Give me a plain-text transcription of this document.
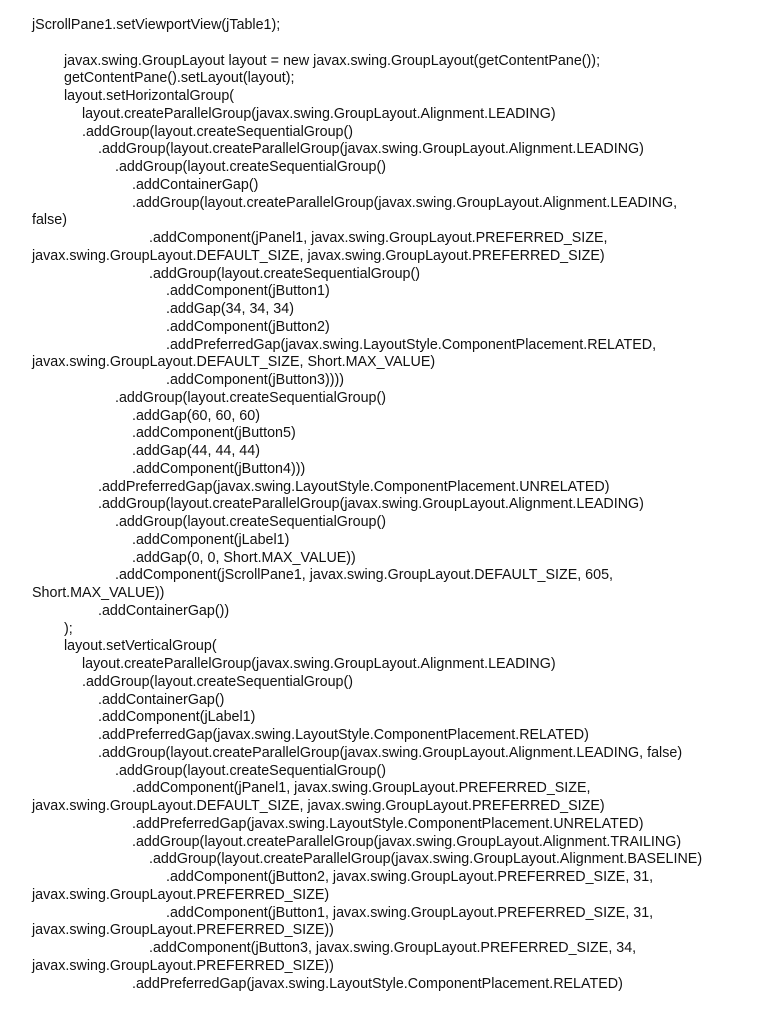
jScrollPane1.setViewportView(jTable1);
javax.swing.GroupLayout layout = new javax.swing.GroupLayout(getContentPane());
getContentPane().setLayout(layout);
layout.setHorizontalGroup(
layout.createParallelGroup(javax.swing.GroupLayout.Alignment.LEADING)
.addGroup(layout.createSequentialGroup()
.addGroup(layout.createParallelGroup(javax.swing.GroupLayout.Alignment.LEADING)
.addGroup(layout.createSequentialGroup()
.addContainerGap()
.addGroup(layout.createParallelGroup(javax.swing.GroupLayout.Alignment.LEADING,
false)
.addComponent(jPanel1, javax.swing.GroupLayout.PREFERRED_SIZE,
javax.swing.GroupLayout.DEFAULT_SIZE, javax.swing.GroupLayout.PREFERRED_SIZE)
.addGroup(layout.createSequentialGroup()
.addComponent(jButton1)
.addGap(34, 34, 34)
.addComponent(jButton2)
.addPreferredGap(javax.swing.LayoutStyle.ComponentPlacement.RELATED,
javax.swing.GroupLayout.DEFAULT_SIZE, Short.MAX_VALUE)
.addComponent(jButton3))))
.addGroup(layout.createSequentialGroup()
.addGap(60, 60, 60)
.addComponent(jButton5)
.addGap(44, 44, 44)
.addComponent(jButton4)))
.addPreferredGap(javax.swing.LayoutStyle.ComponentPlacement.UNRELATED)
.addGroup(layout.createParallelGroup(javax.swing.GroupLayout.Alignment.LEADING)
.addGroup(layout.createSequentialGroup()
.addComponent(jLabel1)
.addGap(0, 0, Short.MAX_VALUE))
.addComponent(jScrollPane1, javax.swing.GroupLayout.DEFAULT_SIZE, 605,
Short.MAX_VALUE))
.addContainerGap())
);
layout.setVerticalGroup(
layout.createParallelGroup(javax.swing.GroupLayout.Alignment.LEADING)
.addGroup(layout.createSequentialGroup()
.addContainerGap()
.addComponent(jLabel1)
.addPreferredGap(javax.swing.LayoutStyle.ComponentPlacement.RELATED)
.addGroup(layout.createParallelGroup(javax.swing.GroupLayout.Alignment.LEADING, false)
.addGroup(layout.createSequentialGroup()
.addComponent(jPanel1, javax.swing.GroupLayout.PREFERRED_SIZE,
javax.swing.GroupLayout.DEFAULT_SIZE, javax.swing.GroupLayout.PREFERRED_SIZE)
.addPreferredGap(javax.swing.LayoutStyle.ComponentPlacement.UNRELATED)
.addGroup(layout.createParallelGroup(javax.swing.GroupLayout.Alignment.TRAILING)
.addGroup(layout.createParallelGroup(javax.swing.GroupLayout.Alignment.BASELINE)
.addComponent(jButton2, javax.swing.GroupLayout.PREFERRED_SIZE, 31,
javax.swing.GroupLayout.PREFERRED_SIZE)
.addComponent(jButton1, javax.swing.GroupLayout.PREFERRED_SIZE, 31,
javax.swing.GroupLayout.PREFERRED_SIZE))
.addComponent(jButton3, javax.swing.GroupLayout.PREFERRED_SIZE, 34,
javax.swing.GroupLayout.PREFERRED_SIZE))
.addPreferredGap(javax.swing.LayoutStyle.ComponentPlacement.RELATED)
